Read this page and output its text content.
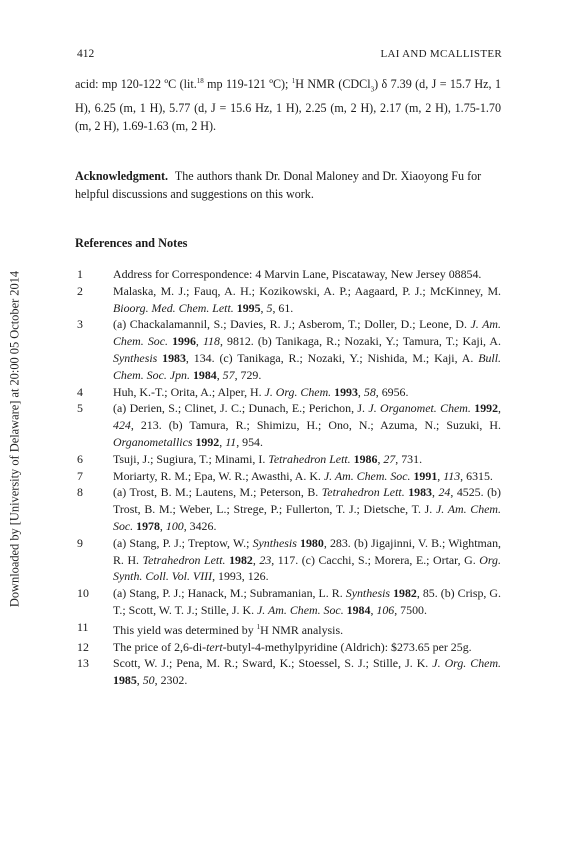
412	LAI AND MCALLISTER
Downloaded by [University of Delaware] at 20:00 05 October 2014
acid: mp 120-122 ºC (lit.$^{18}$ mp 119-121 ºC); $^1$H NMR (CDCl$_3$) δ 7.39 (d, J = 15.7 Hz, 1 H), 6.25 (m, 1 H), 5.77 (d, J = 15.6 Hz, 1 H), 2.25 (m, 2 H), 2.17 (m, 2 H), 1.75-1.70 (m, 2 H), 1.69-1.63 (m, 2 H).
Acknowledgment. The authors thank Dr. Donal Maloney and Dr. Xiaoyong Fu for helpful discussions and suggestions on this work.
References and Notes
1	Address for Correspondence: 4 Marvin Lane, Piscataway, New Jersey 08854.
2	Malaska, M. J.; Fauq, A. H.; Kozikowski, A. P.; Aagaard, P. J.; McKinney, M. Bioorg. Med. Chem. Lett. 1995, 5, 61.
3	(a) Chackalamannil, S.; Davies, R. J.; Asberom, T.; Doller, D.; Leone, D. J. Am. Chem. Soc. 1996, 118, 9812. (b) Tanikaga, R.; Nozaki, Y.; Tamura, T.; Kaji, A. Synthesis 1983, 134. (c) Tanikaga, R.; Nozaki, Y.; Nishida, M.; Kaji, A. Bull. Chem. Soc. Jpn. 1984, 57, 729.
4	Huh, K.-T.; Orita, A.; Alper, H. J. Org. Chem. 1993, 58, 6956.
5	(a) Derien, S.; Clinet, J. C.; Dunach, E.; Perichon, J. J. Organomet. Chem. 1992, 424, 213. (b) Tamura, R.; Shimizu, H.; Ono, N.; Azuma, N.; Suzuki, H. Organometallics 1992, 11, 954.
6	Tsuji, J.; Sugiura, T.; Minami, I. Tetrahedron Lett. 1986, 27, 731.
7	Moriarty, R. M.; Epa, W. R.; Awasthi, A. K. J. Am. Chem. Soc. 1991, 113, 6315.
8	(a) Trost, B. M.; Lautens, M.; Peterson, B. Tetrahedron Lett. 1983, 24, 4525. (b) Trost, B. M.; Weber, L.; Strege, P.; Fullerton, T. J.; Dietsche, T. J. J. Am. Chem. Soc. 1978, 100, 3426.
9	(a) Stang, P. J.; Treptow, W.; Synthesis 1980, 283. (b) Jigajinni, V. B.; Wightman, R. H. Tetrahedron Lett. 1982, 23, 117. (c) Cacchi, S.; Morera, E.; Ortar, G. Org. Synth. Coll. Vol. VIII, 1993, 126.
10	(a) Stang, P. J.; Hanack, M.; Subramanian, L. R. Synthesis 1982, 85. (b) Crisp, G. T.; Scott, W. T. J.; Stille, J. K. J. Am. Chem. Soc. 1984, 106, 7500.
11	This yield was determined by $^1$H NMR analysis.
12	The price of 2,6-di-tert-butyl-4-methylpyridine (Aldrich): $273.65 per 25g.
13	Scott, W. J.; Pena, M. R.; Sward, K.; Stoessel, S. J.; Stille, J. K. J. Org. Chem. 1985, 50, 2302.
